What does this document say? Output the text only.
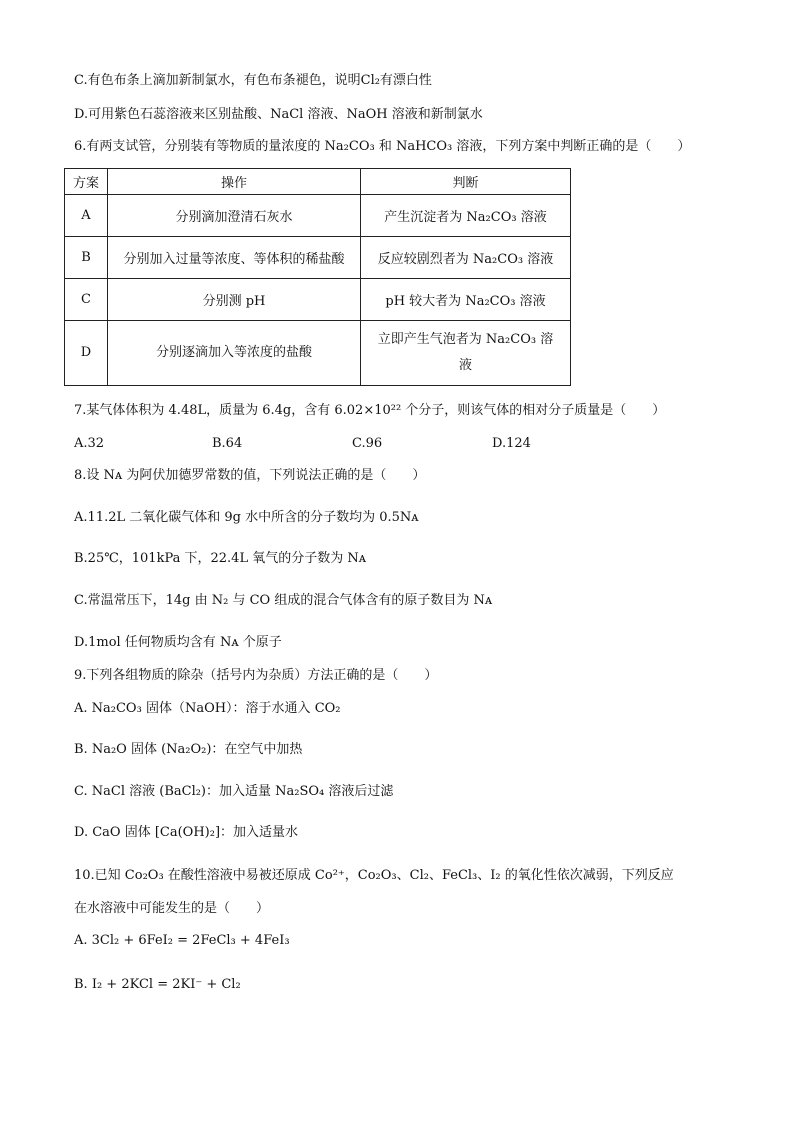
C.有色布条上滴加新制氯水，有色布条褪色，说明Cl₂有漂白性
D.可用紫色石蕊溶液来区别盐酸、NaCl 溶液、NaOH 溶液和新制氯水
6.有两支试管，分别装有等物质的量浓度的 Na₂CO₃ 和 NaHCO₃ 溶液，下列方案中判断正确的是（　　）
方案	操作	判断
A	分别滴加澄清石灰水	产生沉淀者为 Na₂CO₃ 溶液
B	分别加入过量等浓度、等体积的稀盐酸	反应较剧烈者为 Na₂CO₃ 溶液
C	分别测 pH	pH 较大者为 Na₂CO₃ 溶液
D	分别逐滴加入等浓度的盐酸	立即产生气泡者为 Na₂CO₃ 溶
液
7.某气体体积为 4.48L，质量为 6.4g，含有 6.02×10²² 个分子，则该气体的相对分子质量是（　　）
A.32	B.64	C.96	D.124
8.设 Nᴀ 为阿伏加德罗常数的值，下列说法正确的是（　　）
A.11.2L 二氧化碳气体和 9g 水中所含的分子数均为 0.5Nᴀ
B.25℃，101kPa 下，22.4L 氧气的分子数为 Nᴀ
C.常温常压下，14g 由 N₂ 与 CO 组成的混合气体含有的原子数目为 Nᴀ
D.1mol 任何物质均含有 Nᴀ 个原子
9.下列各组物质的除杂（括号内为杂质）方法正确的是（　　）
A. Na₂CO₃ 固体（NaOH）：溶于水通入 CO₂
B. Na₂O 固体 (Na₂O₂)：在空气中加热
C. NaCl 溶液 (BaCl₂)：加入适量 Na₂SO₄ 溶液后过滤
D. CaO 固体 [Ca(OH)₂]：加入适量水
10.已知 Co₂O₃ 在酸性溶液中易被还原成 Co²⁺，Co₂O₃、Cl₂、FeCl₃、I₂ 的氧化性依次减弱，下列反应
在水溶液中可能发生的是（　　）
A. 3Cl₂ + 6FeI₂ = 2FeCl₃ + 4FeI₃
B. I₂ + 2KCl = 2KI⁻ + Cl₂
